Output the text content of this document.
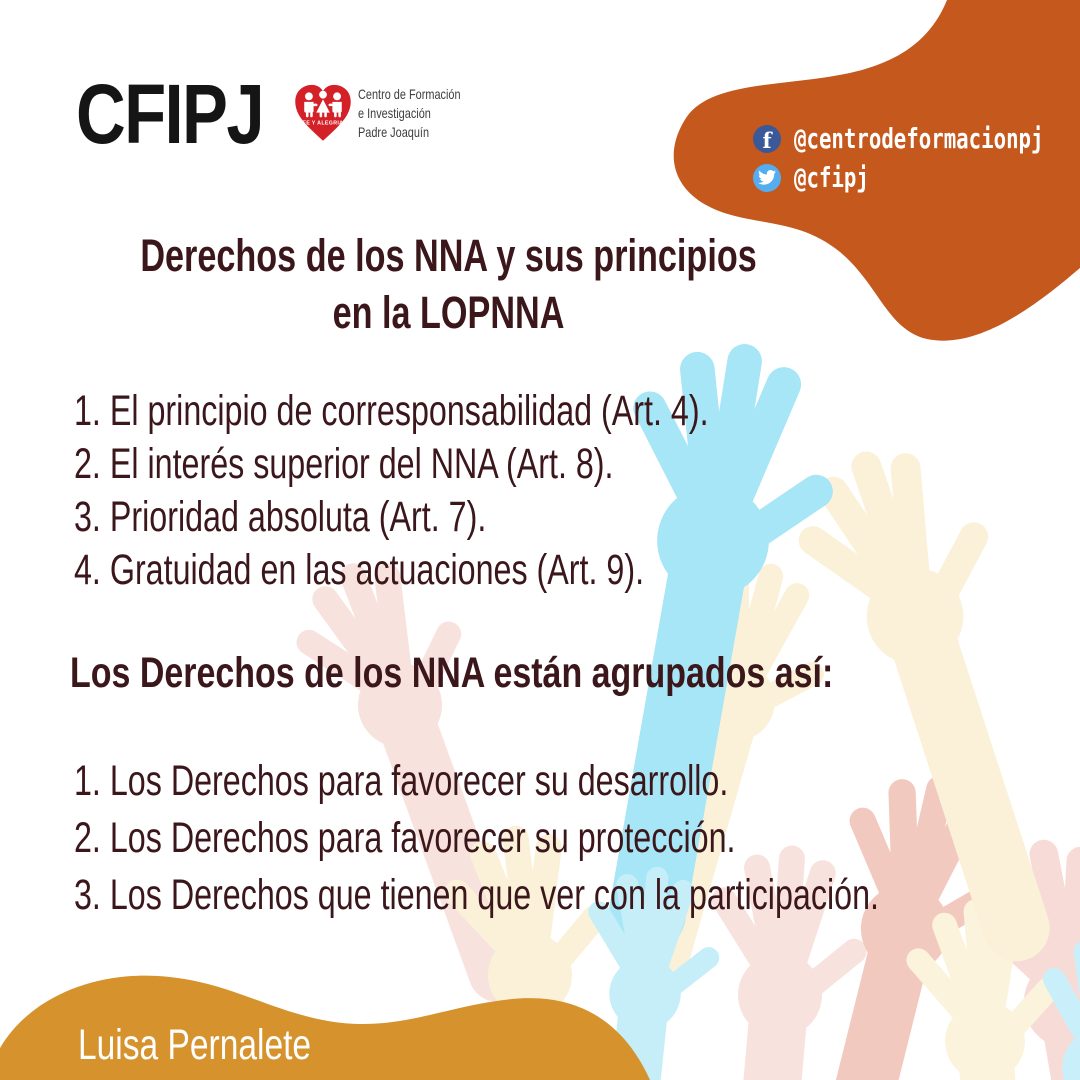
CFIPJ	FE Y ALEGRIA
Centro de Formación
e Investigación
Padre Joaquín	f @centrodeformacionpj
@cfipj
Derechos de los NNA y sus principios
en la LOPNNA
1. El principio de corresponsabilidad (Art. 4).
2. El interés superior del NNA (Art. 8).
3. Prioridad absoluta (Art. 7).
4. Gratuidad en las actuaciones (Art. 9).
Los Derechos de los NNA están agrupados así:
1. Los Derechos para favorecer su desarrollo.
2. Los Derechos para favorecer su protección.
3. Los Derechos que tienen que ver con la participación.
Luisa Pernalete
